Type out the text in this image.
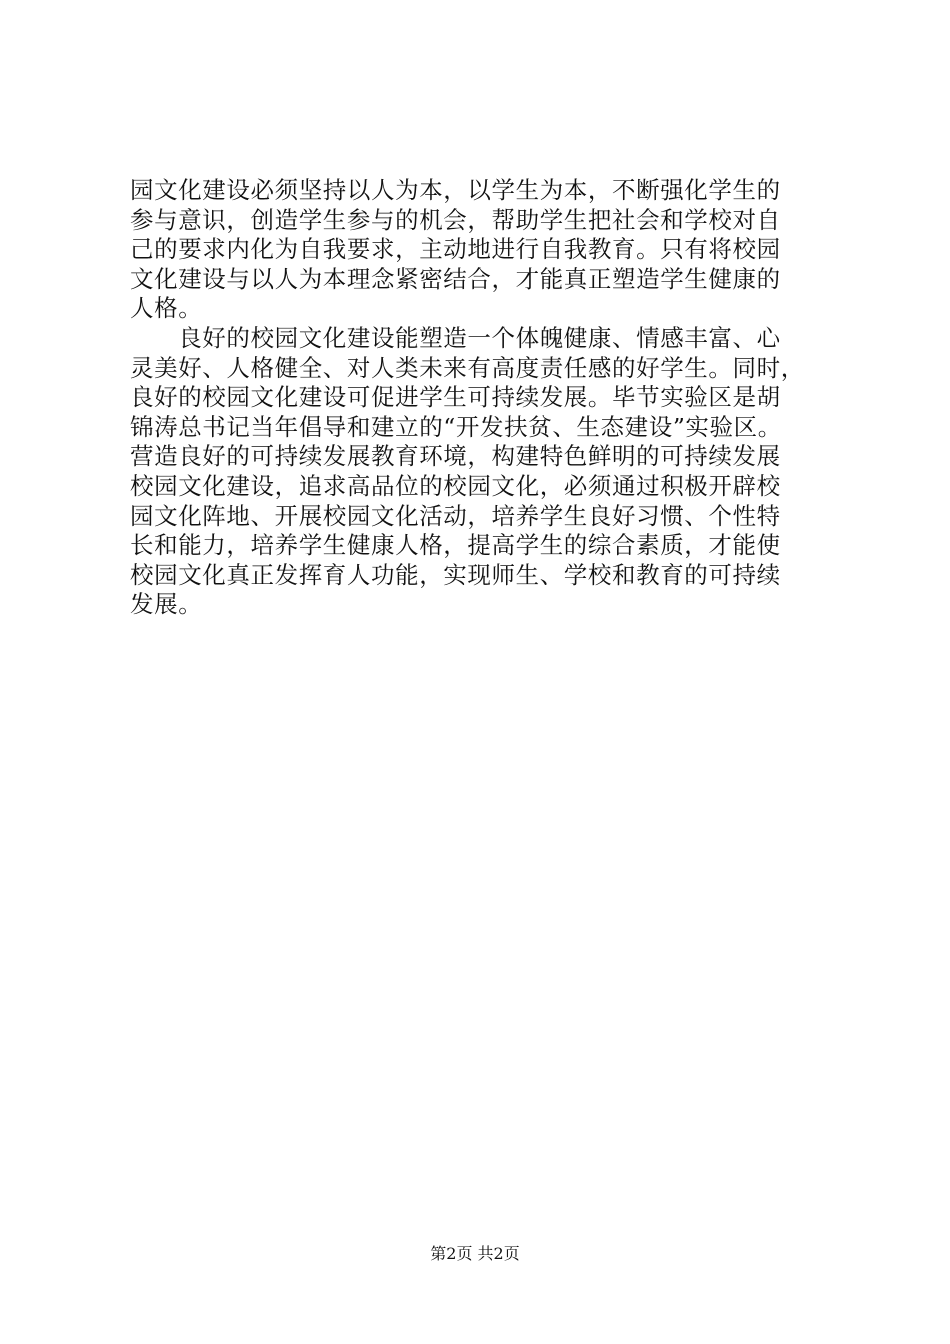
园文化建设必须坚持以人为本，以学生为本，不断强化学生的
参与意识，创造学生参与的机会，帮助学生把社会和学校对自
己的要求内化为自我要求，主动地进行自我教育。只有将校园
文化建设与以人为本理念紧密结合，才能真正塑造学生健康的
人格。
　　良好的校园文化建设能塑造一个体魄健康、情感丰富、心
灵美好、人格健全、对人类未来有高度责任感的好学生。同时，
良好的校园文化建设可促进学生可持续发展。毕节实验区是胡
锦涛总书记当年倡导和建立的“开发扶贫、生态建设”实验区。
营造良好的可持续发展教育环境，构建特色鲜明的可持续发展
校园文化建设，追求高品位的校园文化，必须通过积极开辟校
园文化阵地、开展校园文化活动，培养学生良好习惯、个性特
长和能力，培养学生健康人格，提高学生的综合素质，才能使
校园文化真正发挥育人功能，实现师生、学校和教育的可持续
发展。
第2页 共2页
